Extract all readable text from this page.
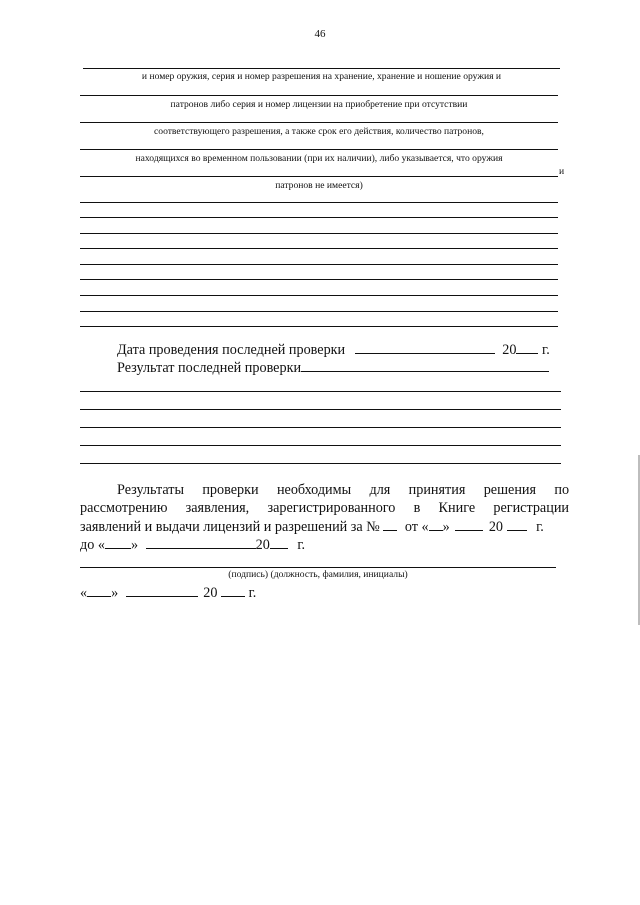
46
и номер оружия, серия и номер разрешения на хранение, хранение и ношение оружия и
патронов либо серия и номер лицензии на приобретение при отсутствии
соответствующего разрешения, а также срок его действия, количество патронов,
находящихся во временном пользовании (при их наличии), либо указывается, что оружия
и
патронов не имеется)
Дата проведения последней проверки	20 г.
Результат последней проверки
Результаты проверки необходимы для принятия решения по
рассмотрению заявления, зарегистрированного в Книге регистрации
заявлений и выдачи лицензий и разрешений за № от « »	20 г.
до « »	20 г.
(подпись) (должность, фамилия, инициалы)
« »	20 г.
